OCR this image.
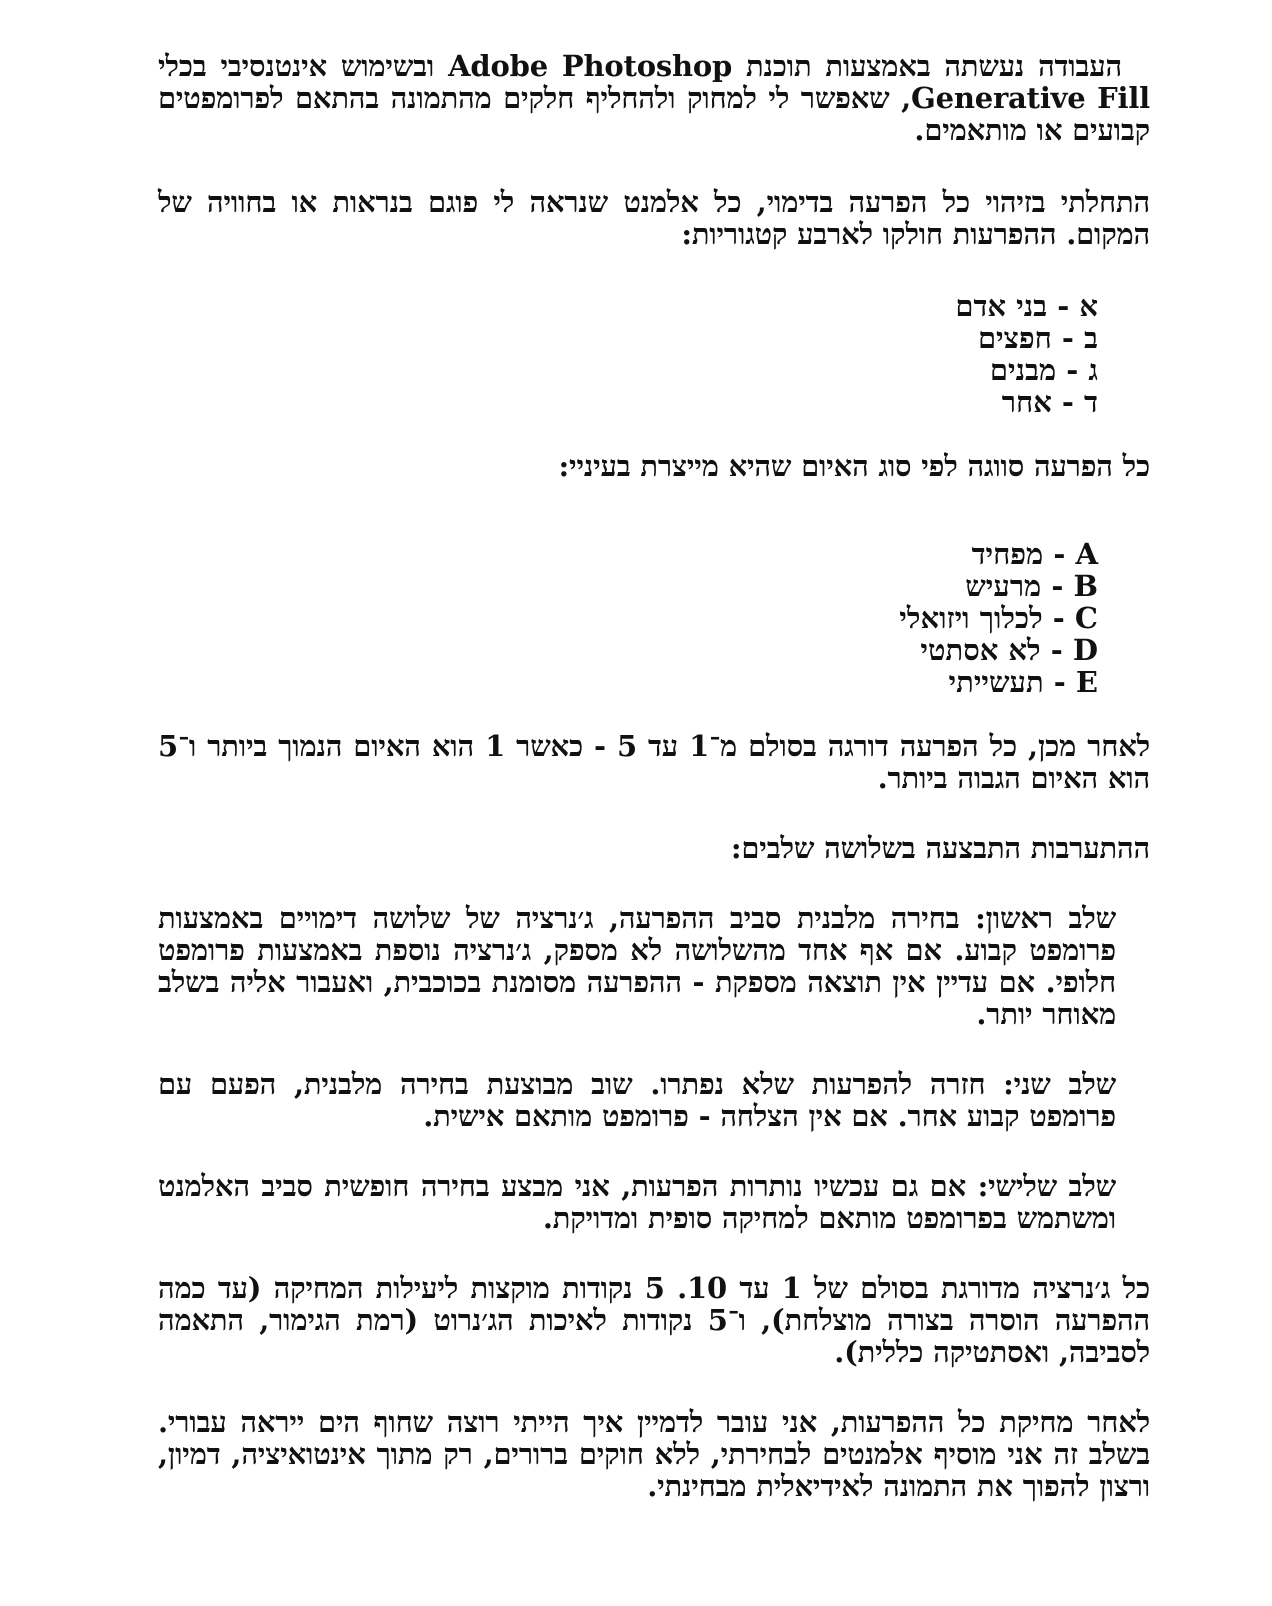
העבודה נעשתה באמצעות תוכנת Adobe Photoshop ובשימוש אינטנסיבי בכלי Generative Fill, שאפשר לי למחוק ולהחליף חלקים מהתמונה בהתאם לפרומפטים קבועים או מותאמים.

התחלתי בזיהוי כל הפרעה בדימוי, כל אלמנט שנראה לי פוגם בנראות או בחוויה של המקום. ההפרעות חולקו לארבע קטגוריות:

א - בני אדם
ב - חפצים
ג - מבנים
ד - אחר

כל הפרעה סווגה לפי סוג האיום שהיא מייצרת בעיניי:

A - מפחיד
B - מרעיש
C - לכלוך ויזואלי
D - לא אסתטי
E - תעשייתי

לאחר מכן, כל הפרעה דורגה בסולם מ־1 עד 5 - כאשר 1 הוא האיום הנמוך ביותר ו־5 הוא האיום הגבוה ביותר.

ההתערבות התבצעה בשלושה שלבים:

שלב ראשון: בחירה מלבנית סביב ההפרעה, ג׳נרציה של שלושה דימויים באמצעות פרומפט קבוע. אם אף אחד מהשלושה לא מספק, ג׳נרציה נוספת באמצעות פרומפט חלופי. אם עדיין אין תוצאה מספקת - ההפרעה מסומנת בכוכבית, ואעבור אליה בשלב מאוחר יותר.

שלב שני: חזרה להפרעות שלא נפתרו. שוב מבוצעת בחירה מלבנית, הפעם עם פרומפט קבוע אחר. אם אין הצלחה - פרומפט מותאם אישית.

שלב שלישי: אם גם עכשיו נותרות הפרעות, אני מבצע בחירה חופשית סביב האלמנט ומשתמש בפרומפט מותאם למחיקה סופית ומדויקת.

כל ג׳נרציה מדורגת בסולם של 1 עד 10. 5 נקודות מוקצות ליעילות המחיקה (עד כמה ההפרעה הוסרה בצורה מוצלחת), ו־5 נקודות לאיכות הג׳נרוט (רמת הגימור, התאמה לסביבה, ואסתטיקה כללית).

לאחר מחיקת כל ההפרעות, אני עובר לדמיין איך הייתי רוצה שחוף הים ייראה עבורי. בשלב זה אני מוסיף אלמנטים לבחירתי, ללא חוקים ברורים, רק מתוך אינטואיציה, דמיון, ורצון להפוך את התמונה לאידיאלית מבחינתי.
